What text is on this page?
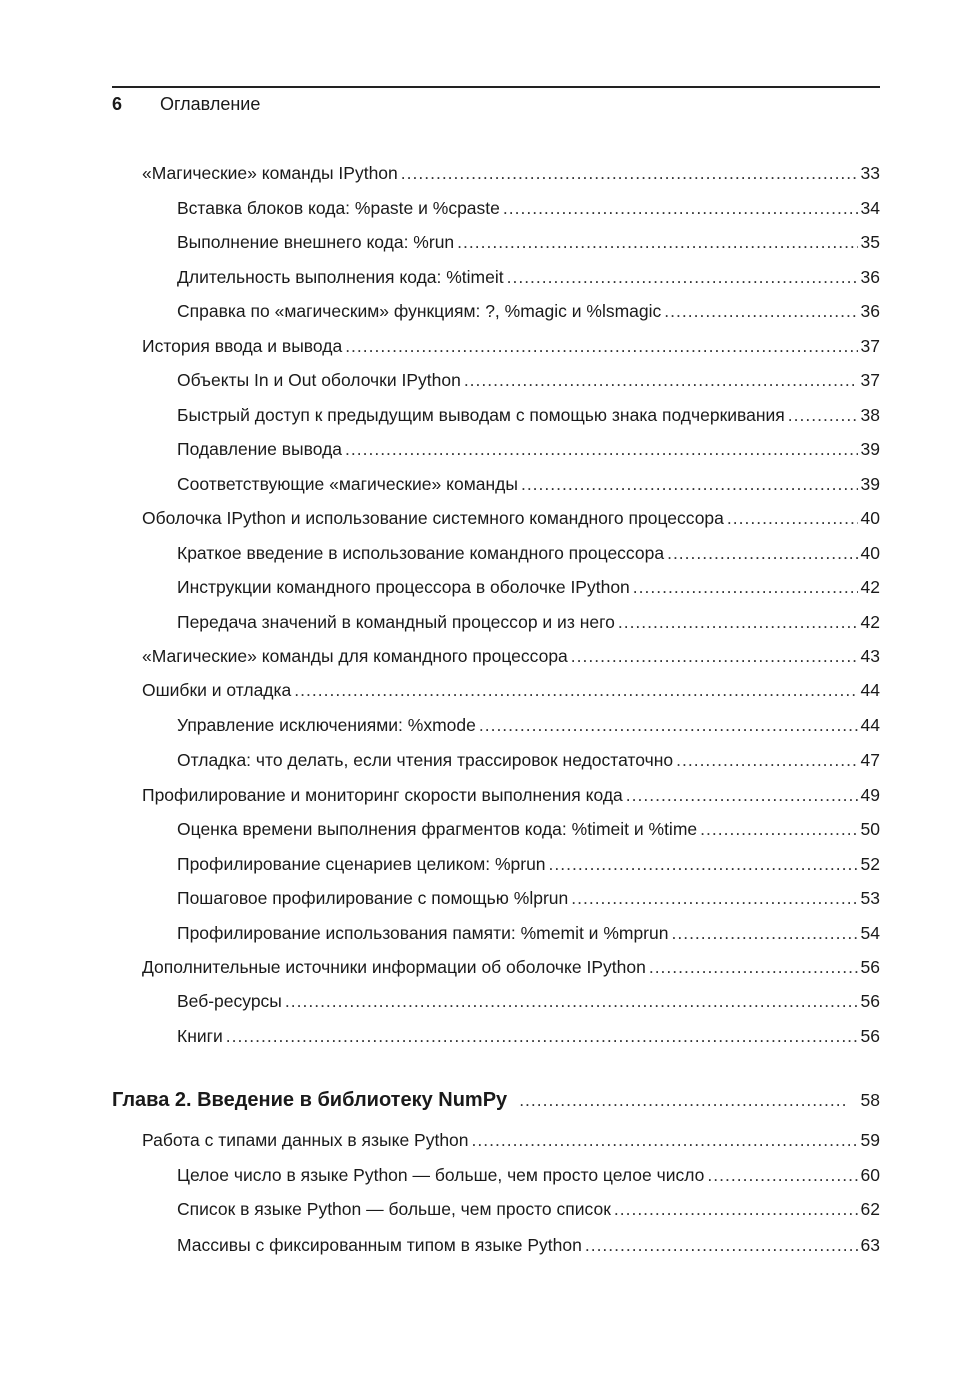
6 Оглавление
«Магические» команды IPython .....	33
Вставка блоков кода: %paste и %cpaste .....	34
Выполнение внешнего кода: %run .....	35
Длительность выполнения кода: %timeit .....	36
Справка по «магическим» функциям: ?, %magic и %lsmagic .....	36
История ввода и вывода .....	37
Объекты In и Out оболочки IPython .....	37
Быстрый доступ к предыдущим выводам с помощью знака подчеркивания .....	38
Подавление вывода .....	39
Соответствующие «магические» команды .....	39
Оболочка IPython и использование системного командного процессора .....	40
Краткое введение в использование командного процессора .....	40
Инструкции командного процессора в оболочке IPython .....	42
Передача значений в командный процессор и из него .....	42
«Магические» команды для командного процессора .....	43
Ошибки и отладка .....	44
Управление исключениями: %xmode .....	44
Отладка: что делать, если чтения трассировок недостаточно .....	47
Профилирование и мониторинг скорости выполнения кода .....	49
Оценка времени выполнения фрагментов кода: %timeit и %time .....	50
Профилирование сценариев целиком: %prun .....	52
Пошаговое профилирование с помощью %lprun .....	53
Профилирование использования памяти: %memit и %mprun .....	54
Дополнительные источники информации об оболочке IPython .....	56
Веб-ресурсы .....	56
Книги .....	56
Глава 2. Введение в библиотеку NumPy .....	58
Работа с типами данных в языке Python .....	59
Целое число в языке Python — больше, чем просто целое число .....	60
Список в языке Python — больше, чем просто список .....	62
Массивы с фиксированным типом в языке Python .....	63
